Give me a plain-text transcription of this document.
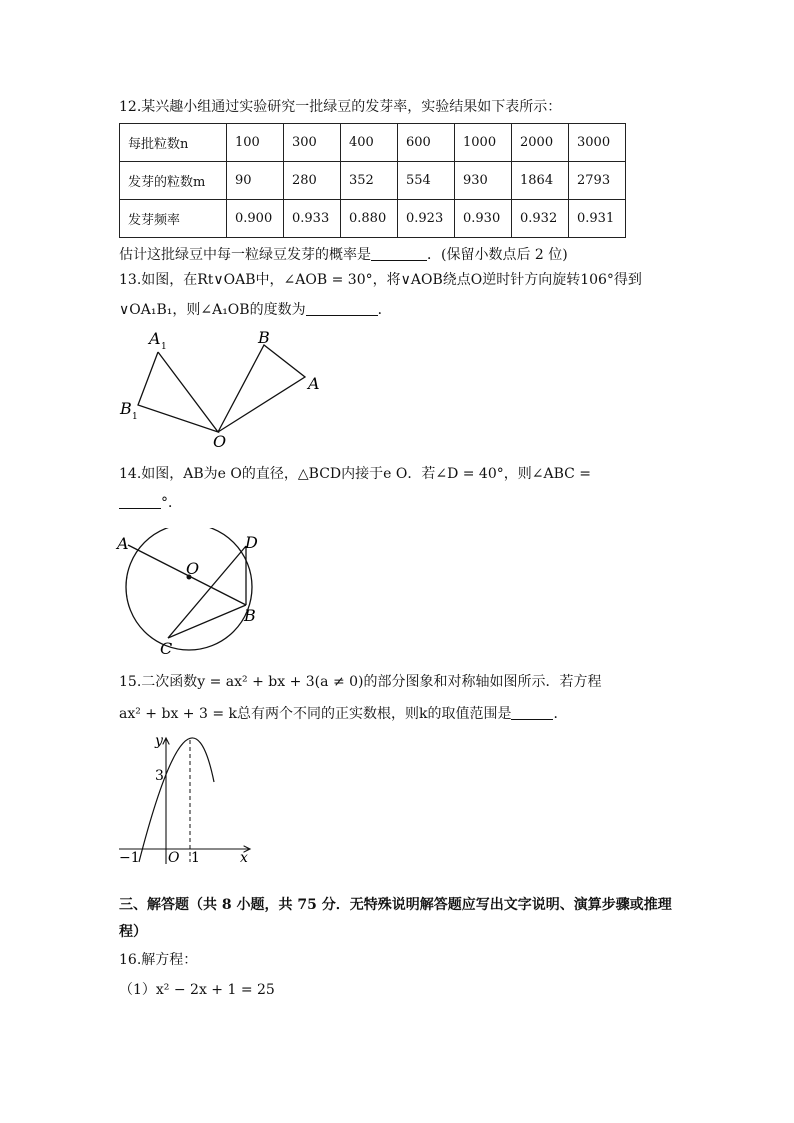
12.某兴趣小组通过实验研究一批绿豆的发芽率，实验结果如下表所示：
每批粒数n	100	300	400	600	1000	2000	3000
发芽的粒数m	90	280	352	554	930	1864	2793
发芽频率	0.900	0.933	0.880	0.923	0.930	0.932	0.931
估计这批绿豆中每一粒绿豆发芽的概率是	．(保留小数点后 2 位)
13.如图，在Rt∨OAB中，∠AOB = 30°，将∨AOB绕点O逆时针方向旋转106°得到
∨OA₁B₁，则∠A₁OB的度数为	．
A 1
B 1
B
A
O
14.如图，AB为e O的直径，△BCD内接于e O．若∠D = 40°，则∠ABC =
°．
A
O
D
B
C
15.二次函数y = ax² + bx + 3(a ≠ 0)的部分图象和对称轴如图所示．若方程
ax² + bx + 3 = k总有两个不同的正实数根，则k的取值范围是	．
y
x
3
−1 O 1
三、解答题（共 8 小题，共 75 分．无特殊说明解答题应写出文字说明、演算步骤或推理
程）
16.解方程：
（1）x² − 2x + 1 = 25
